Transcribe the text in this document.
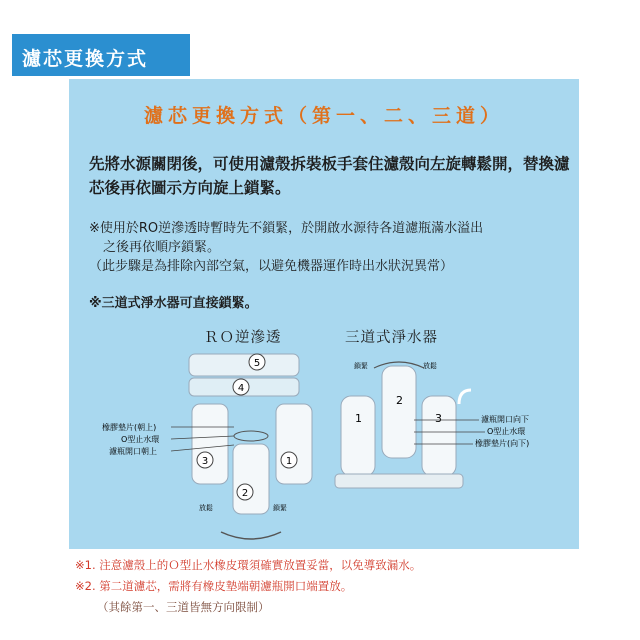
濾芯更換方式
濾芯更換方式（第一、二、三道）
先將水源關閉後，可使用濾殼拆裝板手套住濾殼向左旋轉鬆開，替換濾芯後再依圖示方向旋上鎖緊。
※使用於RO逆滲透時暫時先不鎖緊，於開啟水源待各道濾瓶滿水溢出
之後再依順序鎖緊。
（此步驟是為排除內部空氣，以避免機器運作時出水狀況異常）
※三道式淨水器可直接鎖緊。
ＲＯ逆滲透	三道式淨水器
5
4
3
2
1
放鬆	鎖緊
橡膠墊片(朝上)
O型止水環
濾瓶開口朝上
1
2
3
鎖緊	放鬆
濾瓶開口向下
O型止水環
橡膠墊片(向下)
※1. 注意濾殼上的Ｏ型止水橡皮環須確實放置妥當，以免導致漏水。
※2. 第二道濾芯，需將有橡皮墊端朝濾瓶開口端置放。
（其餘第一、三道皆無方向限制）
